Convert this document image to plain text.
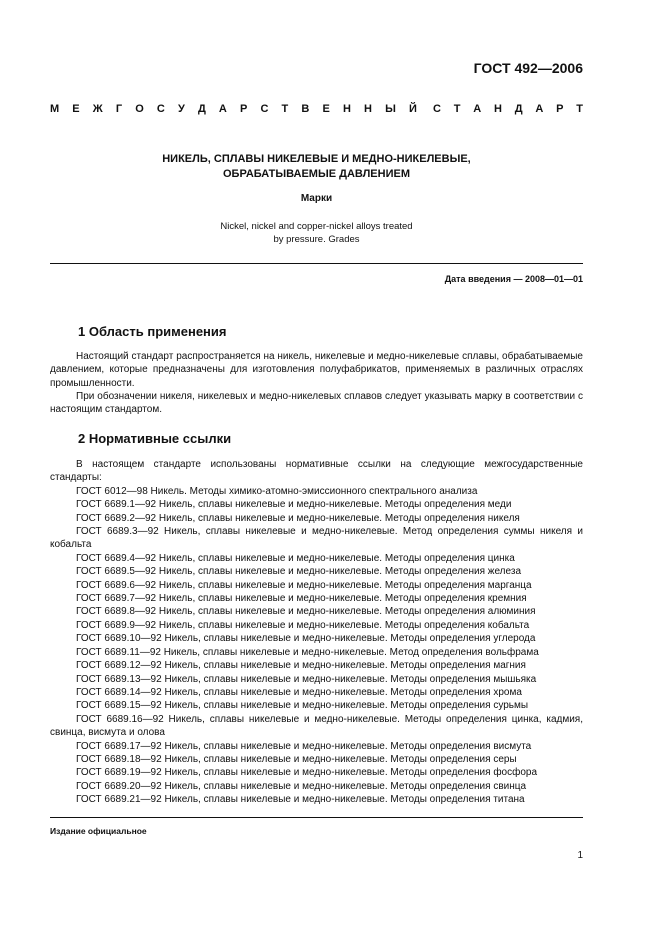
ГОСТ 492—2006
М Е Ж Г О С У Д А Р С Т В Е Н Н Ы Й С Т А Н Д А Р Т
НИКЕЛЬ, СПЛАВЫ НИКЕЛЕВЫЕ И МЕДНО-НИКЕЛЕВЫЕ,
ОБРАБАТЫВАЕМЫЕ ДАВЛЕНИЕМ
Марки
Nickel, nickel and copper-nickel alloys treated
by pressure. Grades
Дата введения — 2008—01—01
1 Область применения
Настоящий стандарт распространяется на никель, никелевые и медно-никелевые сплавы, обрабатываемые давлением, которые предназначены для изготовления полуфабрикатов, применяемых в различных отраслях промышленности.
При обозначении никеля, никелевых и медно-никелевых сплавов следует указывать марку в соответствии с настоящим стандартом.
2 Нормативные ссылки
В настоящем стандарте использованы нормативные ссылки на следующие межгосударственные стандарты:
ГОСТ 6012—98 Никель. Методы химико-атомно-эмиссионного спектрального анализа
ГОСТ 6689.1—92 Никель, сплавы никелевые и медно-никелевые. Методы определения меди
ГОСТ 6689.2—92 Никель, сплавы никелевые и медно-никелевые. Методы определения никеля
ГОСТ 6689.3—92 Никель, сплавы никелевые и медно-никелевые. Метод определения суммы никеля и кобальта
ГОСТ 6689.4—92 Никель, сплавы никелевые и медно-никелевые. Методы определения цинка
ГОСТ 6689.5—92 Никель, сплавы никелевые и медно-никелевые. Методы определения железа
ГОСТ 6689.6—92 Никель, сплавы никелевые и медно-никелевые. Методы определения марганца
ГОСТ 6689.7—92 Никель, сплавы никелевые и медно-никелевые. Методы определения кремния
ГОСТ 6689.8—92 Никель, сплавы никелевые и медно-никелевые. Методы определения алюминия
ГОСТ 6689.9—92 Никель, сплавы никелевые и медно-никелевые. Методы определения кобальта
ГОСТ 6689.10—92 Никель, сплавы никелевые и медно-никелевые. Методы определения углерода
ГОСТ 6689.11—92 Никель, сплавы никелевые и медно-никелевые. Метод определения вольфрама
ГОСТ 6689.12—92 Никель, сплавы никелевые и медно-никелевые. Методы определения магния
ГОСТ 6689.13—92 Никель, сплавы никелевые и медно-никелевые. Методы определения мышьяка
ГОСТ 6689.14—92 Никель, сплавы никелевые и медно-никелевые. Методы определения хрома
ГОСТ 6689.15—92 Никель, сплавы никелевые и медно-никелевые. Методы определения сурьмы
ГОСТ 6689.16—92 Никель, сплавы никелевые и медно-никелевые. Методы определения цинка, кадмия, свинца, висмута и олова
ГОСТ 6689.17—92 Никель, сплавы никелевые и медно-никелевые. Методы определения висмута
ГОСТ 6689.18—92 Никель, сплавы никелевые и медно-никелевые. Методы определения серы
ГОСТ 6689.19—92 Никель, сплавы никелевые и медно-никелевые. Методы определения фосфора
ГОСТ 6689.20—92 Никель, сплавы никелевые и медно-никелевые. Методы определения свинца
ГОСТ 6689.21—92 Никель, сплавы никелевые и медно-никелевые. Методы определения титана
Издание официальное
1
